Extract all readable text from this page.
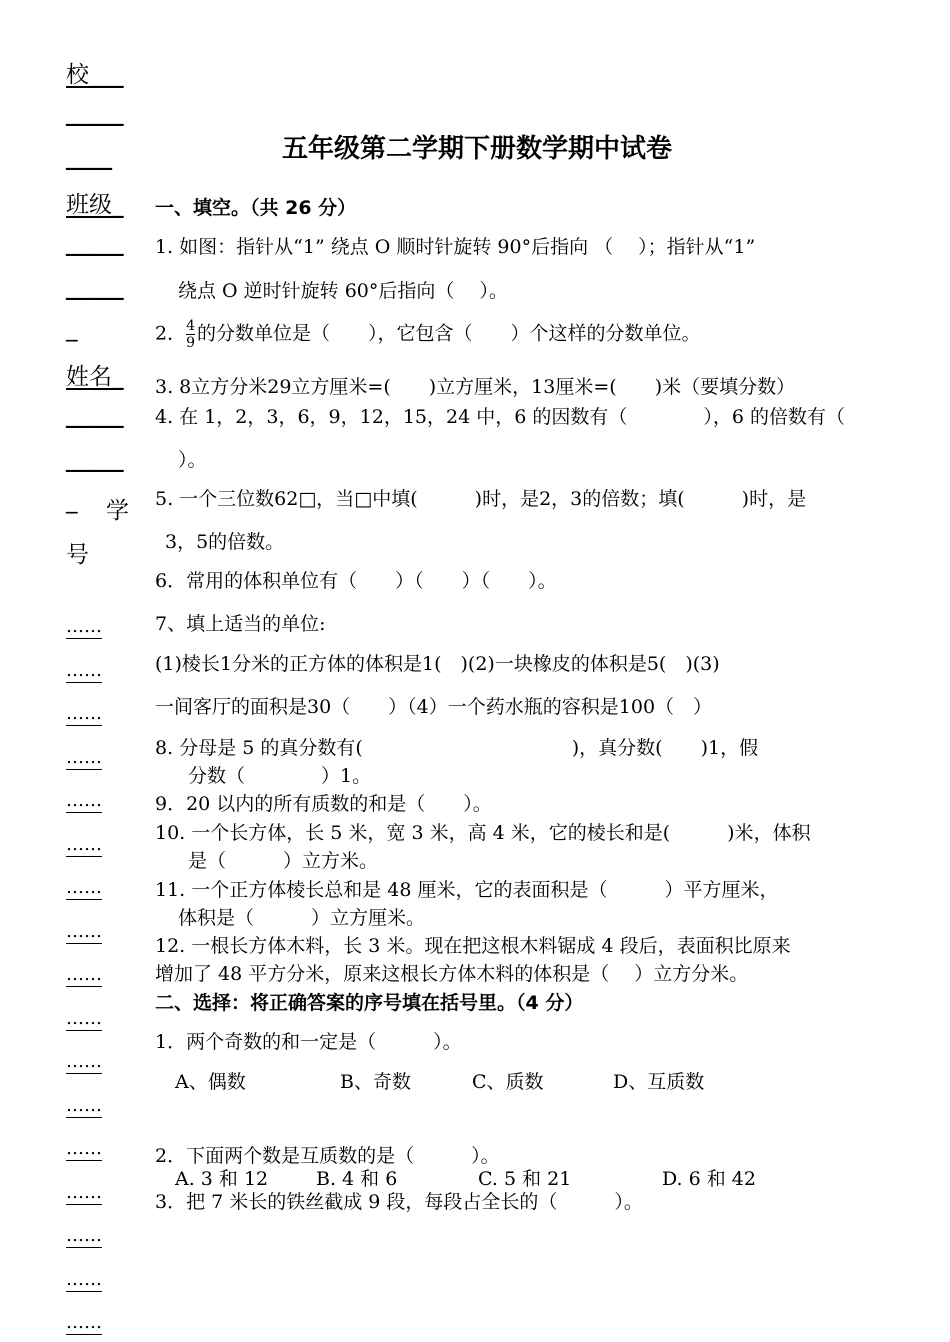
校___
_____
____
班级_
_____
_____
_
姓名_
_____
_____
_ 学
号
……
……
……
……
……
……
……
……
……
……
……
……
……
……
……
……
……
五年级第二学期下册数学期中试卷
一、填空。（共 26 分）
1. 如图：指针从“1” 绕点 O 顺时针旋转 90°后指向 （　 ）；指针从“1”
绕点 O 逆时针旋转 60°后指向（　 ）。
2． $\frac{4}{9}$ 的分数单位是（　　），它包含（　　）个这样的分数单位。
3. 8立方分米29立方厘米=(　　)立方厘米，13厘米=(　　)米（要填分数）
4. 在 1，2，3，6，9，12，15，24 中，6 的因数有（　　　　），6 的倍数有（
）。
5. 一个三位数62□，当□中填(　　　)时，是2，3的倍数；填(　　　)时，是
3，5的倍数。
6．常用的体积单位有（　　）（　　）（　　）。
7、填上适当的单位:
(1)棱长1分米的正方体的体积是1(　)(2)一块橡皮的体积是5(　)(3)
一间客厅的面积是30（　　）（4）一个药水瓶的容积是100（　）
8. 分母是 5 的真分数有(　　　　　　　　　　　)，真分数(　　)1，假
分数（　　　　）1。
9．20 以内的所有质数的和是（　　）。
10. 一个长方体，长 5 米，宽 3 米，高 4 米，它的棱长和是(　　　)米，体积
是（　　　）立方米。
11. 一个正方体棱长总和是 48 厘米，它的表面积是（　　　）平方厘米，
体积是（　　　）立方厘米。
12. 一根长方体木料，长 3 米。现在把这根木料锯成 4 段后，表面积比原来
增加了 48 平方分米，原来这根长方体木料的体积是（　 ）立方分米。
二、选择：将正确答案的序号填在括号里。（4 分）
1．两个奇数的和一定是（　　　）。
A、偶数	B、奇数	C、质数	D、互质数
2．下面两个数是互质数的是（　　　）。
A. 3 和 12	B. 4 和 6	C. 5 和 21	D. 6 和 42
3．把 7 米长的铁丝截成 9 段，每段占全长的（　　　）。
